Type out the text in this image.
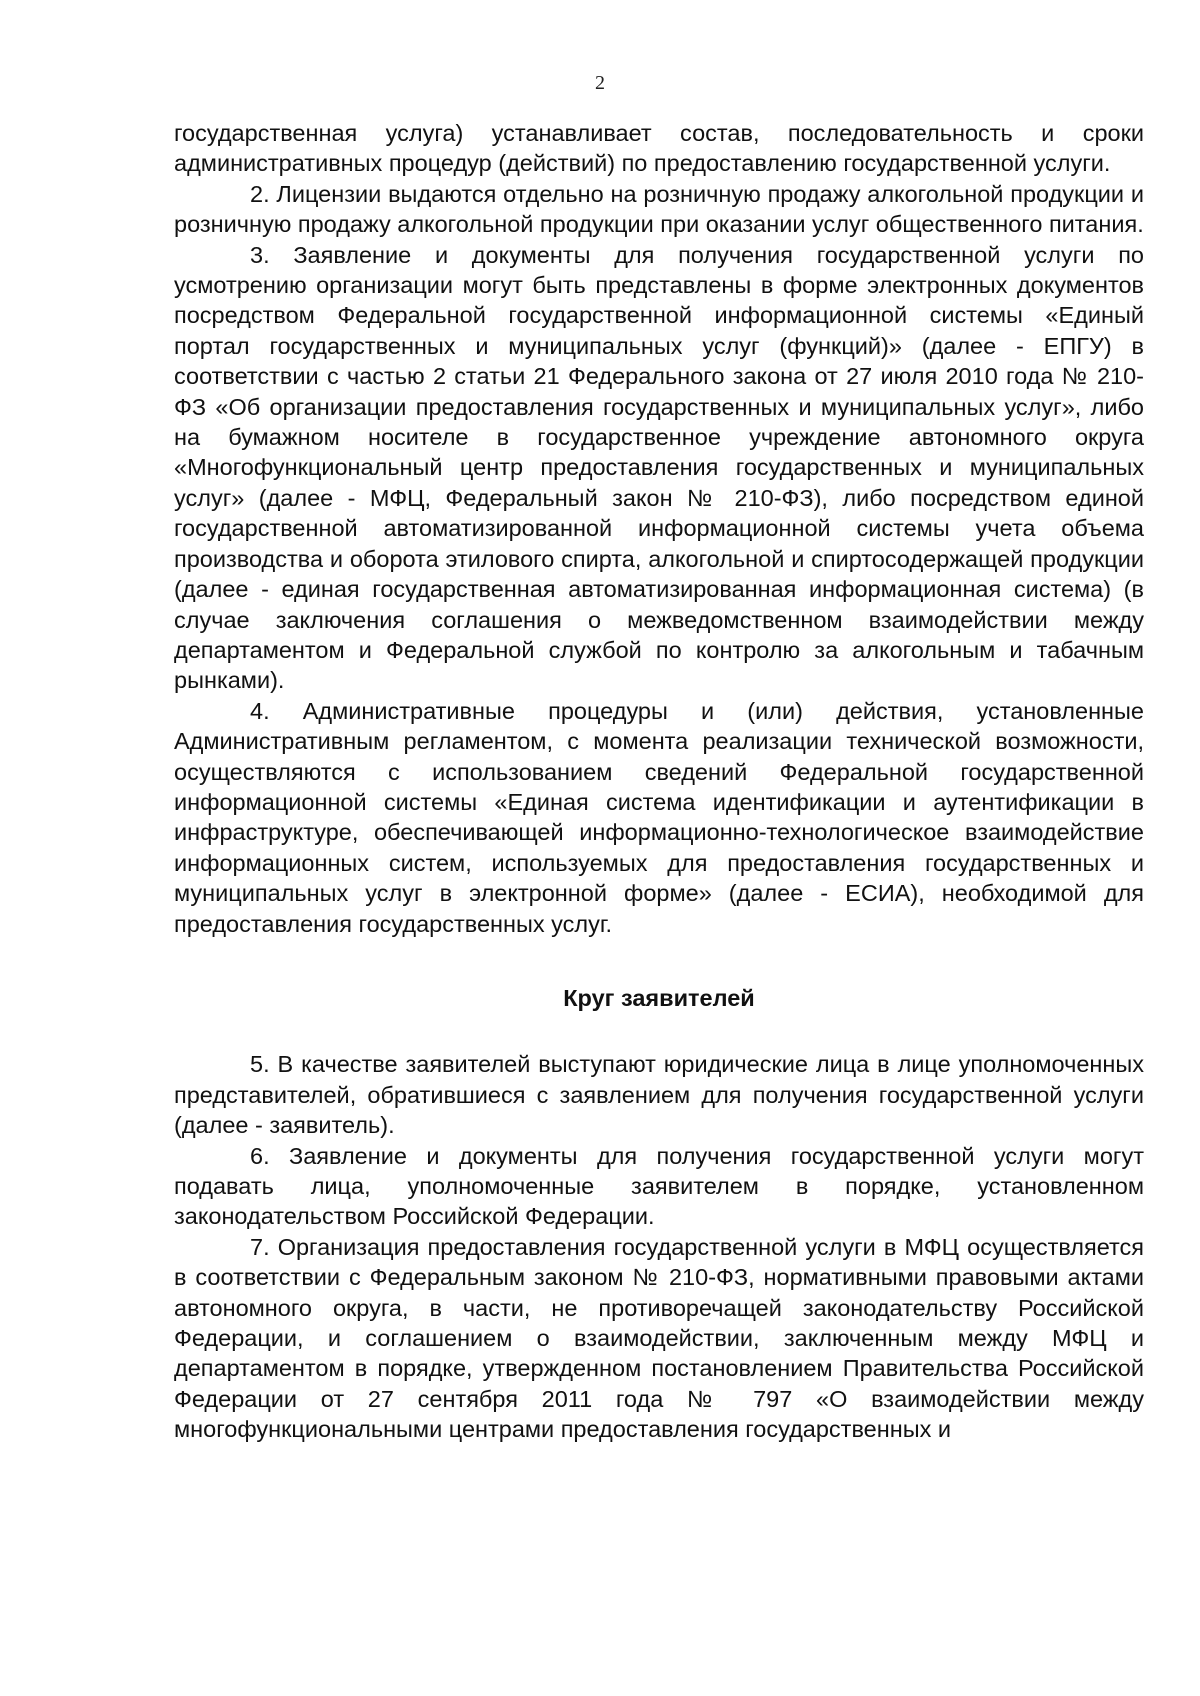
2

государственная услуга) устанавливает состав, последовательность и сроки административных процедур (действий) по предоставлению государственной услуги.

2. Лицензии выдаются отдельно на розничную продажу алкогольной продукции и розничную продажу алкогольной продукции при оказании услуг общественного питания.

3. Заявление и документы для получения государственной услуги по усмотрению организации могут быть представлены в форме электронных документов посредством Федеральной государственной информационной системы «Единый портал государственных и муниципальных услуг (функций)» (далее - ЕПГУ) в соответствии с частью 2 статьи 21 Федерального закона от 27 июля 2010 года № 210-ФЗ «Об организации предоставления государственных и муниципальных услуг», либо на бумажном носителе в государственное учреждение автономного округа «Многофункциональный центр предоставления государственных и муниципальных услуг» (далее - МФЦ, Федеральный закон № 210-ФЗ), либо посредством единой государственной автоматизированной информационной системы учета объема производства и оборота этилового спирта, алкогольной и спиртосодержащей продукции (далее - единая государственная автоматизированная информационная система) (в случае заключения соглашения о межведомственном взаимодействии между департаментом и Федеральной службой по контролю за алкогольным и табачным рынками).

4. Административные процедуры и (или) действия, установленные Административным регламентом, с момента реализации технической возможности, осуществляются с использованием сведений Федеральной государственной информационной системы «Единая система идентификации и аутентификации в инфраструктуре, обеспечивающей информационно-технологическое взаимодействие информационных систем, используемых для предоставления государственных и муниципальных услуг в электронной форме» (далее - ЕСИА), необходимой для предоставления государственных услуг.

Круг заявителей

5. В качестве заявителей выступают юридические лица в лице уполномоченных представителей, обратившиеся с заявлением для получения государственной услуги (далее - заявитель).

6. Заявление и документы для получения государственной услуги могут подавать лица, уполномоченные заявителем в порядке, установленном законодательством Российской Федерации.

7. Организация предоставления государственной услуги в МФЦ осуществляется в соответствии с Федеральным законом № 210-ФЗ, нормативными правовыми актами автономного округа, в части, не противоречащей законодательству Российской Федерации, и соглашением о взаимодействии, заключенным между МФЦ и департаментом в порядке, утвержденном постановлением Правительства Российской Федерации от 27 сентября 2011 года № 797 «О взаимодействии между многофункциональными центрами предоставления государственных и
